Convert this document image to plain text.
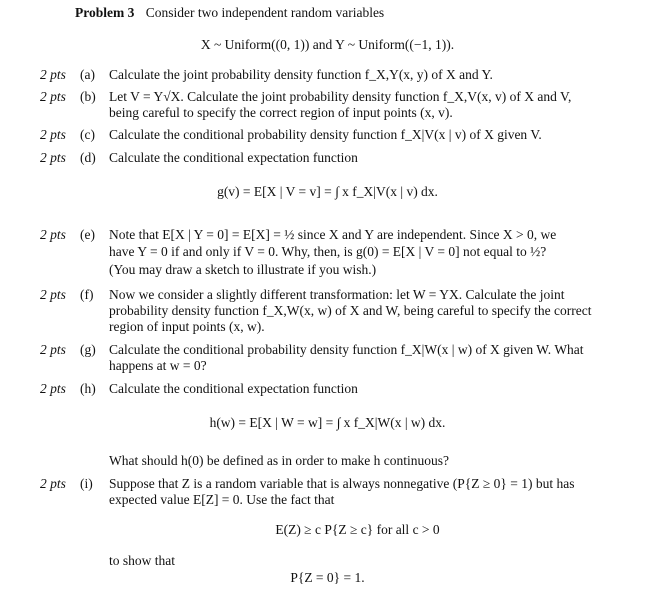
Problem 3 Consider two independent random variables
X ~ Uniform((0, 1)) and Y ~ Uniform((−1, 1)).
2 pts (a) Calculate the joint probability density function f_X,Y(x, y) of X and Y.
2 pts (b) Let V = Y√X. Calculate the joint probability density function f_X,V(x, v) of X and V,
being careful to specify the correct region of input points (x, v).
2 pts (c) Calculate the conditional probability density function f_X|V(x | v) of X given V.
2 pts (d) Calculate the conditional expectation function
g(v) = E[X | V = v] = ∫ x f_X|V(x | v) dx.
2 pts (e) Note that E[X | Y = 0] = E[X] = ½ since X and Y are independent. Since X > 0, we
have Y = 0 if and only if V = 0. Why, then, is g(0) = E[X | V = 0] not equal to ½?
(You may draw a sketch to illustrate if you wish.)
2 pts (f) Now we consider a slightly different transformation: let W = YX. Calculate the joint
probability density function f_X,W(x, w) of X and W, being careful to specify the correct
region of input points (x, w).
2 pts (g) Calculate the conditional probability density function f_X|W(x | w) of X given W. What
happens at w = 0?
2 pts (h) Calculate the conditional expectation function
h(w) = E[X | W = w] = ∫ x f_X|W(x | w) dx.
What should h(0) be defined as in order to make h continuous?
2 pts (i) Suppose that Z is a random variable that is always nonnegative (P{Z ≥ 0} = 1) but has
expected value E[Z] = 0. Use the fact that
E(Z) ≥ c P{Z ≥ c} for all c > 0
to show that
P{Z = 0} = 1.
